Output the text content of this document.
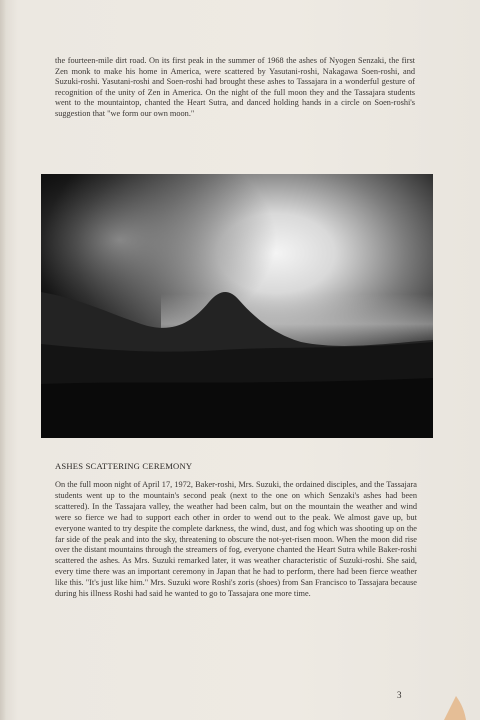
the fourteen-mile dirt road. On its first peak in the summer of 1968 the ashes of Nyogen Senzaki, the first Zen monk to make his home in America, were scattered by Yasutani-roshi, Nakagawa Soen-roshi, and Suzuki-roshi. Yasutani-roshi and Soen-roshi had brought these ashes to Tassajara in a wonderful gesture of recognition of the unity of Zen in America. On the night of the full moon they and the Tassajara students went to the mountaintop, chanted the Heart Sutra, and danced holding hands in a circle on Soen-roshi's suggestion that "we form our own moon."
ASHES SCATTERING CEREMONY
On the full moon night of April 17, 1972, Baker-roshi, Mrs. Suzuki, the ordained disciples, and the Tassajara students went up to the mountain's second peak (next to the one on which Senzaki's ashes had been scattered). In the Tassajara valley, the weather had been calm, but on the mountain the weather and wind were so fierce we had to support each other in order to wend out to the peak. We almost gave up, but everyone wanted to try despite the complete darkness, the wind, dust, and fog which was shooting up on the far side of the peak and into the sky, threatening to obscure the not-yet-risen moon. When the moon did rise over the distant mountains through the streamers of fog, everyone chanted the Heart Sutra while Baker-roshi scattered the ashes. As Mrs. Suzuki remarked later, it was weather characteristic of Suzuki-roshi. She said, every time there was an important ceremony in Japan that he had to perform, there had been fierce weather like this. "It's just like him." Mrs. Suzuki wore Roshi's zoris (shoes) from San Francisco to Tassajara because during his illness Roshi had said he wanted to go to Tassajara one more time.
3
